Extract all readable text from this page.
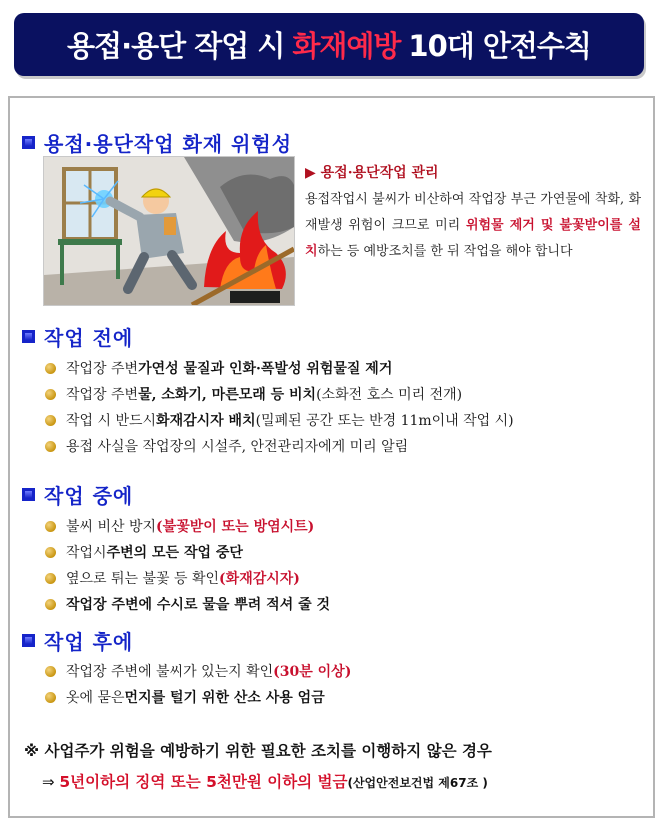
용접·용단 작업 시 화재예방 10대 안전수칙
용접·용단작업 화재 위험성
▶ 용접·용단작업 관리
용접작업시 불씨가 비산하여 작업장 부근 가연물에 착화, 화재발생 위험이 크므로 미리 위험물 제거 및 불꽃받이를 설치하는 등 예방조치를 한 뒤 작업을 해야 합니다
작업 전에
작업장 주변 가연성 물질과 인화·폭발성 위험물질 제거
작업장 주변 물, 소화기, 마른모래 등 비치 (소화전 호스 미리 전개)
작업 시 반드시 화재감시자 배치 (밀폐된 공간 또는 반경 11m이내 작업 시)
용접 사실을 작업장의 시설주, 안전관리자에게 미리 알림
작업 중에
불씨 비산 방지 (불꽃받이 또는 방염시트)
작업시 주변의 모든 작업 중단
옆으로 튀는 불꽃 등 확인 (화재감시자)
작업장 주변에 수시로 물을 뿌려 적셔 줄 것
작업 후에
작업장 주변에 불씨가 있는지 확인 (30분 이상)
옷에 묻은 먼지를 털기 위한 산소 사용 엄금
※ 사업주가 위험을 예방하기 위한 필요한 조치를 이행하지 않은 경우
⇒ 5년이하의 징역 또는 5천만원 이하의 벌금(산업안전보건법 제67조 )
